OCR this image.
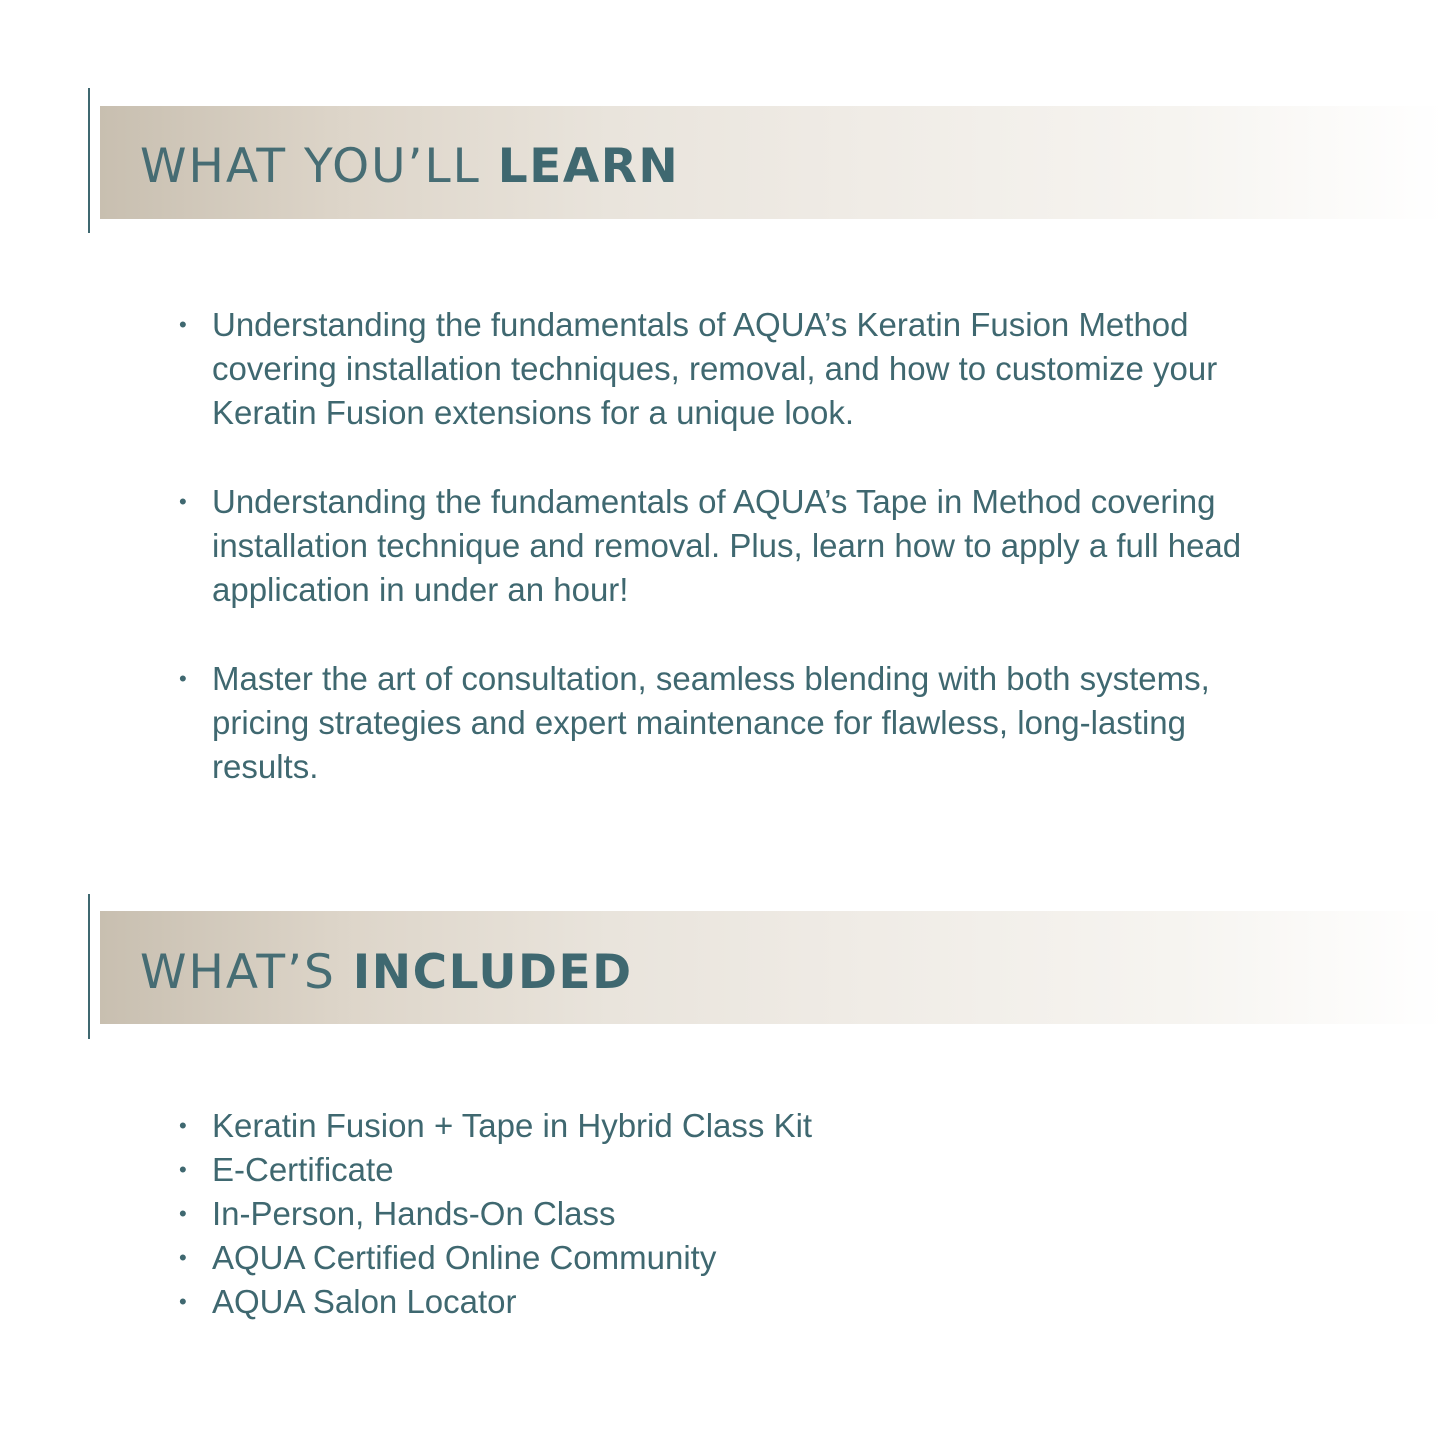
WHAT YOU’LL LEARN
• Understanding the fundamentals of AQUA’s Keratin Fusion Method covering installation techniques, removal, and how to customize your Keratin Fusion extensions for a unique look.
• Understanding the fundamentals of AQUA’s Tape in Method covering installation technique and removal. Plus, learn how to apply a full head application in under an hour!
• Master the art of consultation, seamless blending with both systems, pricing strategies and expert maintenance for flawless, long-lasting results.
WHAT’S INCLUDED
• Keratin Fusion + Tape in Hybrid Class Kit
• E-Certificate
• In-Person, Hands-On Class
• AQUA Certified Online Community
• AQUA Salon Locator
